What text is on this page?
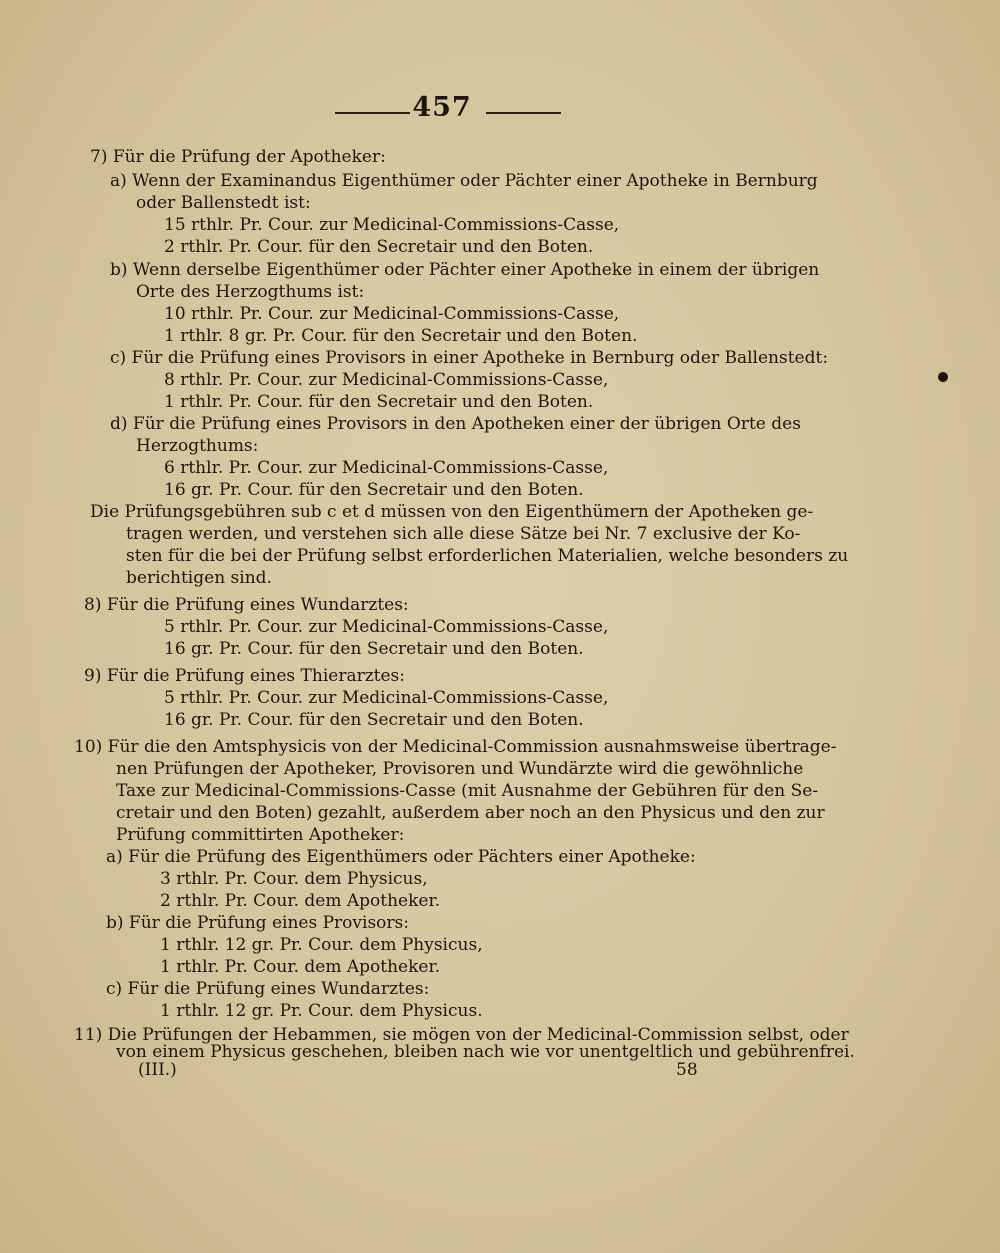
457
7) Für die Prüfung der Apotheker:
a) Wenn der Examinandus Eigenthümer oder Pächter einer Apotheke in Bernburg
oder Ballenstedt ist:
15 rthlr. Pr. Cour. zur Medicinal-Commissions-Casse,
2 rthlr. Pr. Cour. für den Secretair und den Boten.
b) Wenn derselbe Eigenthümer oder Pächter einer Apotheke in einem der übrigen
Orte des Herzogthums ist:
10 rthlr. Pr. Cour. zur Medicinal-Commissions-Casse,
1 rthlr. 8 gr. Pr. Cour. für den Secretair und den Boten.
c) Für die Prüfung eines Provisors in einer Apotheke in Bernburg oder Ballenstedt:
8 rthlr. Pr. Cour. zur Medicinal-Commissions-Casse,
1 rthlr. Pr. Cour. für den Secretair und den Boten.
d) Für die Prüfung eines Provisors in den Apotheken einer der übrigen Orte des
Herzogthums:
6 rthlr. Pr. Cour. zur Medicinal-Commissions-Casse,
16 gr. Pr. Cour. für den Secretair und den Boten.
Die Prüfungsgebühren sub c et d müssen von den Eigenthümern der Apotheken ge-
tragen werden, und verstehen sich alle diese Sätze bei Nr. 7 exclusive der Ko-
sten für die bei der Prüfung selbst erforderlichen Materialien, welche besonders zu
berichtigen sind.
8) Für die Prüfung eines Wundarztes:
5 rthlr. Pr. Cour. zur Medicinal-Commissions-Casse,
16 gr. Pr. Cour. für den Secretair und den Boten.
9) Für die Prüfung eines Thierarztes:
5 rthlr. Pr. Cour. zur Medicinal-Commissions-Casse,
16 gr. Pr. Cour. für den Secretair und den Boten.
10) Für die den Amtsphysicis von der Medicinal-Commission ausnahmsweise übertrage-
nen Prüfungen der Apotheker, Provisoren und Wundärzte wird die gewöhnliche
Taxe zur Medicinal-Commissions-Casse (mit Ausnahme der Gebühren für den Se-
cretair und den Boten) gezahlt, außerdem aber noch an den Physicus und den zur
Prüfung committirten Apotheker:
a) Für die Prüfung des Eigenthümers oder Pächters einer Apotheke:
3 rthlr. Pr. Cour. dem Physicus,
2 rthlr. Pr. Cour. dem Apotheker.
b) Für die Prüfung eines Provisors:
1 rthlr. 12 gr. Pr. Cour. dem Physicus,
1 rthlr. Pr. Cour. dem Apotheker.
c) Für die Prüfung eines Wundarztes:
1 rthlr. 12 gr. Pr. Cour. dem Physicus.
11) Die Prüfungen der Hebammen, sie mögen von der Medicinal-Commission selbst, oder
von einem Physicus geschehen, bleiben nach wie vor unentgeltlich und gebührenfrei.
(III.)	58
